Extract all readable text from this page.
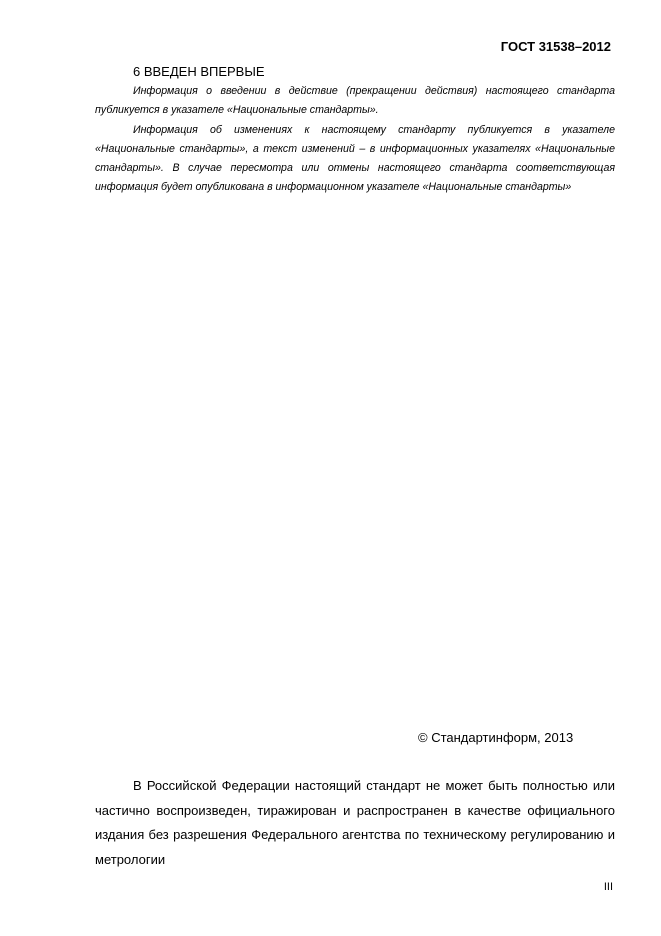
ГОСТ 31538–2012
6 ВВЕДЕН ВПЕРВЫЕ

Информация о введении в действие (прекращении действия) настоящего стандарта публикуется в указателе «Национальные стандарты».

Информация об изменениях к настоящему стандарту публикуется в указателе «Национальные стандарты», а текст изменений – в информационных указателях «Национальные стандарты». В случае пересмотра или отмены настоящего стандарта соответствующая информация будет опубликована в информационном указателе «Национальные стандарты»

© Стандартинформ, 2013

В Российской Федерации настоящий стандарт не может быть полностью или частично воспроизведен, тиражирован и распространен в качестве официального издания без разрешения Федерального агентства по техническому регулированию и метрологии

III
